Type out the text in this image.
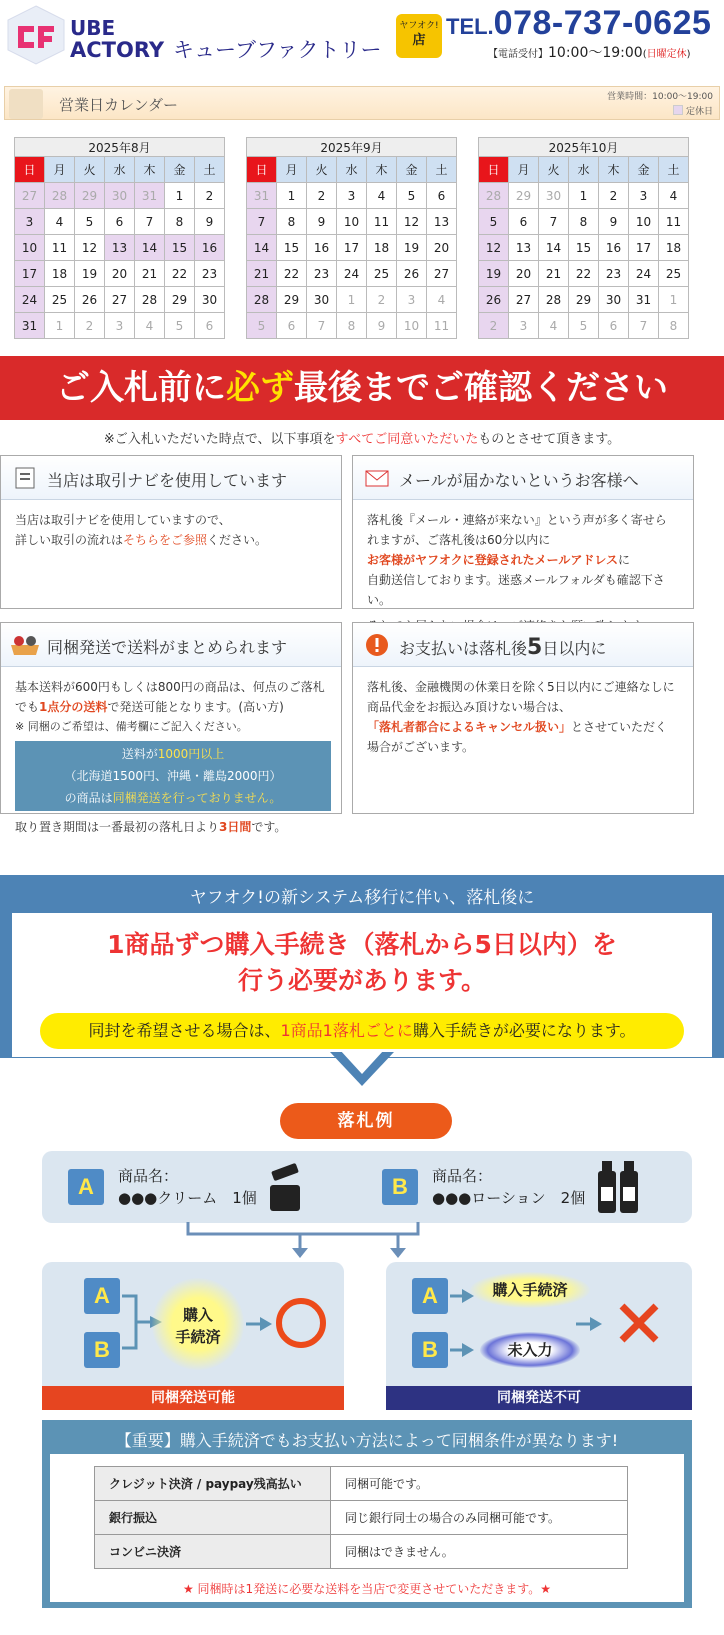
UBE
ACTORY キューブファクトリー
ヤフオク!
店
TEL.078-737-0625
【電話受付】10:00～19:00(日曜定休)
営業日カレンダー	営業時間：10:00～19:00
定休日
2025年8月						
日	月	火	水	木	金	土
27	28	29	30	31	1	2
3	4	5	6	7	8	9
10	11	12	13	14	15	16
17	18	19	20	21	22	23
24	25	26	27	28	29	30
31	1	2	3	4	5	6
2025年9月						
日	月	火	水	木	金	土
31	1	2	3	4	5	6
7	8	9	10	11	12	13
14	15	16	17	18	19	20
21	22	23	24	25	26	27
28	29	30	1	2	3	4
5	6	7	8	9	10	11
2025年10月						
日	月	火	水	木	金	土
28	29	30	1	2	3	4
5	6	7	8	9	10	11
12	13	14	15	16	17	18
19	20	21	22	23	24	25
26	27	28	29	30	31	1
2	3	4	5	6	7	8
ご入札前に必ず最後までご確認ください
※ご入札いただいた時点で、以下事項をすべてご同意いただいたものとさせて頂きます。
当店は取引ナビを使用しています
当店は取引ナビを使用していますので、
詳しい取引の流れはそちらをご参照ください。
メールが届かないというお客様へ
落札後『メール・連絡が来ない』という声が多く寄せら
れますが、ご落札後は60分以内に
お客様がヤフオクに登録されたメールアドレスに
自動送信しております。迷惑メールフォルダも確認下さい。
同梱発送で送料がまとめられます
基本送料が600円もしくは800円の商品は、何点のご落札
でも1点分の送料で発送可能となります。(高い方)
※ 同梱のご希望は、備考欄にご記入ください。
送料が1000円以上（北海道1500円、沖縄・離島2000円）
の商品は同梱発送を行っておりません。
取り置き期間は一番最初の落札日より3日間です。
お支払いは落札後5日以内に
落札後、金融機関の休業日を除く5日以内にご連絡なしに
商品代金をお振込み頂けない場合は、
「落札者都合によるキャンセル扱い」とさせていただく
場合がございます。
ヤフオク!の新システム移行に伴い、落札後に
1商品ずつ購入手続き（落札から5日以内）を
行う必要があります。
同封を希望させる場合は、1商品1落札ごとに購入手続きが必要になります。
落札例
A	商品名：
●●●クリーム　1個	B	商品名：
●●●ローション　2個
A
B
購入
手続済
同梱発送可能
A
B
購入手続済
未入力
同梱発送不可
【重要】購入手続済でもお支払い方法によって同梱条件が異なります!
クレジット決済 / paypay残高払い	同梱可能です。
銀行振込	同じ銀行同士の場合のみ同梱可能です。
コンビニ決済	同梱はできません。
★ 同梱時は1発送に必要な送料を当店で変更させていただきます。★
